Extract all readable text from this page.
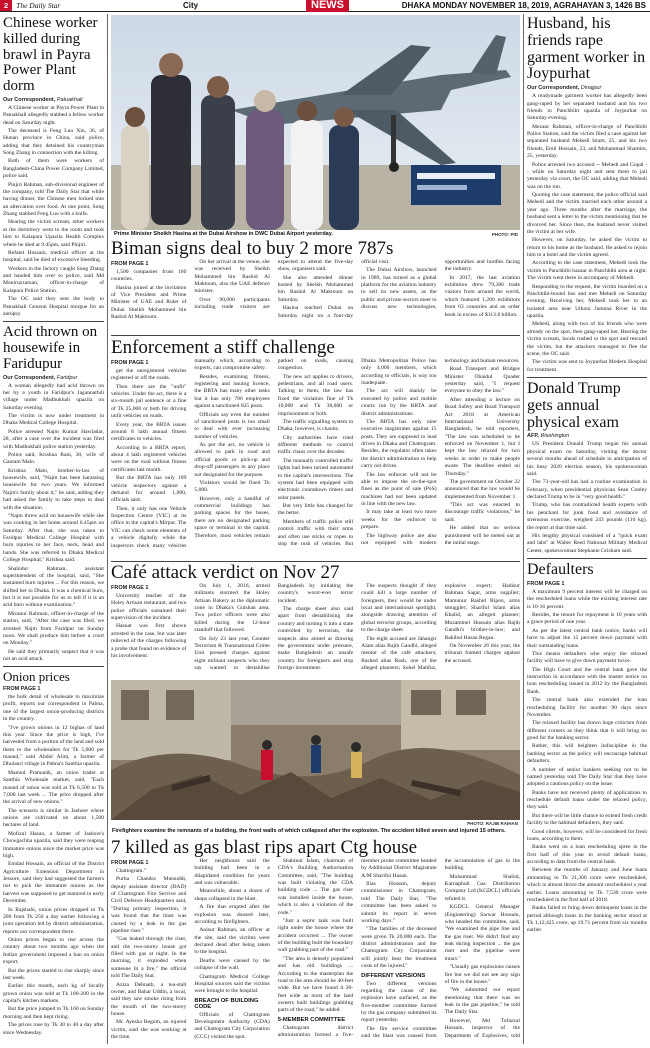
2	The Daily Star	City	NEWS	DHAKA MONDAY NOVEMBER 18, 2019, AGRAHAYAN 3, 1426 BS
Chinese worker killed during brawl in Payra Power Plant dorm
Our Correspondent, Patuakhali

A Chinese worker at Payra Power Plant in Patuakhali allegedly stabbed a fellow worker dead on Saturday night.

The deceased is Feng Luo Xin, 36, of Hunan province in China, said police, adding that they detained his countryman Song Zhang in connection with the killing.

Both of them were workers of Bangladesh-China Power Company Limited, police said.

Pinjiri Rahman, sub-divisional engineer of the company, told The Daily Star that while having dinner, the Chinese men locked into an altercation over food. At one point, Song Zhang stabbed Feng Luo with a knife.

Hearing the victim scream, other workers at the dormitory went to the room and took him to Kalapara Upazila Health Complex where he died at 9.45pm, said Pinjiri.

Refaiet Hossain, medical officer at the hospital, said he died of excessive bleeding.

Workers in the factory caught Song Zhang and handed him over to police, said Md Moniruzzaman, officer-in-charge of Kalapara Police Station.

The OC said they sent the body to Patuakhali General Hospital morgue for an autopsy.

Acid thrown on housewife in Faridupur
Our Correspondent, Faridpur

A woman allegedly had acid thrown on her by a youth in Faridpur's Jagannathdi village under Madhukhali upazila on Saturday evening.

The victim is now under treatment in Dhaka Medical College Hospital.

Police arrested Najm Kumar Hawladar, 28, after a case over the incident was filed with Madhukhali police station yesterday.

Police said, Krishna Rani, 30, wife of Gautam Malo.

Krishna Malo, brother-in-law of housewife, said, "Najm has been harassing housewife for two years. We informed Najm's family about it," he said, adding they had asked the family to take steps to deal with the situation.

"Najm threw acid on housewife while she was cooking in her home around 6.45pm on Saturday. After that, she was taken to Faridpur Medical College Hospital with burn injuries to her face, neck, head and hands. She was referred to Dhaka Medical College Hospital," Krishna said.

Shahidur Rahman, assistant superintendent of the hospital, said, "She sustained burn injuries ... For this reason, we shifted her to Dhaka. It was a chemical burn, but it is not possible for us to tell if it is an acid burn without examination."

Mizanur Rahman, officer-in-charge of the station, said, "After the case was filed, we arrested Najm from Faridpur on Sunday noon. We shall produce him before a court on Monday."

He said they primarily suspect that it was not an acid attack.

Onion prices
FROM PAGE 1

the bulk detail of wholesale to maximize profit, reports our correspondent in Pabna, one of the largest onion-producing districts in the country.

"I've grown onions in 12 bighas of land this year. Since the price is high, I've harvested from a portion of the land and sold them to the wholesalers for Tk 5,000 per maund," said Abdul Alim, a farmer of Dhulauri village in Pabna's Santhia upazila.

Mamud Pramanik, an onion trader at Santhia Wholesale market, said, "Each maund of onion was sold at Tk 6,500 to Tk 7,000 last week ... The price dropped after the arrival of new onions."

The scenario is similar in Jashore where onions are cultivated on about 1,500 hectares of land.

Mofizul Hasan, a farmer of Jashore's Chowgachha upazila, said they were reaping immature onions since the market price was high.

Emdad Hossain, an official of the District Agriculture Extension Department in Jessore, said they had suggested the farmers not to pick the immature onions as the harvest was supposed to get matured in early December.

In Rajshahi, onion prices dropped to Tk 200 from Tk 250 a day earlier following a joint operation led by district administration, reports our correspondent there.

Onion prices began to rise across the country about two months ago when the Indian government imposed a ban on onion export.

But the prices started to rise sharply since last week.

Earlier this month, each kg of locally grown onion was sold at Tk 180-200 in the capital's kitchen markets.

But the price jumped to Tk 160 on Sunday morning and then kept rising.

The prices rose by Tk 30 to 40 a day after since Wednesday.

Prime Minister Sheikh Hasina at the Dubai Airshow in DWC Dubai Airport yesterday.	PHOTO: PID
Biman signs deal to buy 2 more 787s
FROM PAGE 1

1,500 companies from 160 countries.

Hasina joined at the invitation of Vice President and Prime Minister of UAE and Ruler of Dubai Sheikh Mohammed bin Rashid Al Maktoum.

On her arrival at the venue, she was received by Sheikh Mohammed bin Rashid Al Maktoum, also the UAE defence minister.

Over 90,000 participants including trade visitors are expected to attend the five-day show, organisers said.

She also attended dinner hosted by Sheikh Mohammed bin Rashid Al Maktoum on Saturday.

Hasina reached Dubai on Saturday night on a four-day official visit.

The Dubai Airshow, launched in 1989, has turned as a global platform for the aviation industry to sell its new assets, as the public and private sectors meet to discuss new technologies, opportunities and hurdles facing the industry.

In 2017, the last aviation exhibition drew 79,380 trade visitors from around the world, which featured 1,200 exhibitors from 63 countries and an order book in excess of $113.8 billion.

Enforcement a stiff challenge
FROM PAGE 1

get the unregistered vehicles registered or off the roads.

Then there are the "unfit" vehicles. Under the act, there is a six-month jail sentence or a fine of Tk 25,000 or both for driving unfit vehicles on roads.

Every year, the BRTA issues around 8 lakh annual fitness certificates to vehicles.

According to a BRTA report, about 4 lakh registered vehicles were on the road without fitness certificates last month.

But the BRTA has only 109 vehicle inspectors against a demand for around 1,000, officials said.

Then, it only has one Vehicle Inspection Centre (VIC) at its office in the capital's Mirpur. The VIC can check some elements of a vehicle digitally while the inspectors check many vehicles manually which, according to experts, can compromise safety.

Besides, examining fitness, registering and issuing licence, the BRTA has many other tasks but it has only 706 employees against a sanctioned 825 posts.

Officials say even the number of sanctioned posts is too small to deal with ever increasing number of vehicles.

As per the act, no vehicle is allowed to park in road and official goods or pick-up and drop-off passengers in any place not designated for the purpose.

Violators would be fined Tk 5,000.

However, only a handful of commercial buildings has parking spaces for the buses, there are no designated parking space or terminal in the capital. Therefore, most vehicles remain parked on roads, causing congestion.

The new act applies to drivers, pedestrians, and all road users. Talking to them, the law has fixed the violation fine of Tk 10,000 and Tk 30,000 or imprisonment or both.

The traffic signalling system in Dhaka, however, is chaotic.

City authorities have tried different methods to control traffic chaos over the decades.

The manually controlled traffic lights had been turned automated to the capital's intersections. The system had been equipped with electronic countdown timers and solar panels.

But very little has changed for the better.

Members of traffic police still control traffic with their arms and often use sticks or ropes to stop the rush of vehicles. But Dhaka Metropolitan Police has only 4,000 members, which according to officials, is way too inadequate.

The act will mainly be executed by police and mobile courts run by the BRTA and district administrations.

The BRTA has only nine executive magistrates against 15 posts. They are supposed to lead drives in Dhaka and Chattogram. Besides, the regulator often takes the district administration to help carry out drives.

The law enforcer will not be able to impose the on-the-spot fines as the point of sale (PoS) machines had not been updated in line with the new law.

It may take at least two more weeks for the enforcer to prepare.

The highway police are also not equipped with modern technology and human resources.

Road Transport and Bridges Minister Obaidul Quader yesterday said, "I request everyone to obey the law."

After attending a lecture on Road Safety and Road Transport Act 2018 at American International University Bangladesh, he told reporters, "The law was scheduled to be enforced on November 1, but I kept the law relaxed for two weeks in order to make people aware. The deadline ended on Thursday."

The government on October 22 announced that the law would be implemented from November 1.

"This act was enacted to discourage traffic violations," he said.

He added that no serious punishment will be meted out at the initial stage.

Café attack verdict on Nov 27
FROM PAGE 1

University teacher of the Holey Artisan restaurant, and two police officials sustained their supervision of the incident.

Hasnat was first shown arrested in the case, but was later relieved of the charges following a probe that found no evidence of his involvement.

On July 1, 2016, armed militants stormed the Holey Artisan Bakery at the diplomatic zone in Dhaka's Gulshan area. Two police officers were also killed during the 12-hour standoff that followed.

On July 23 last year, Counter Terrorism & Transnational Crime Unit pressed charges against eight militant suspects who they say wanted to destabilise Bangladesh by initiating the country's worst-ever terror incident.

The charge sheet also said apart from destabilising the country and turning it into a state controlled by terrorists, the suspects also aimed at drawing the government under pressure, make Bangladesh an unsafe country for foreigners and stop foreign investment.

The suspects thought if they could kill a large number of foreigners, they would be under local and international spotlight, alongside drawing attention of global terrorist groups, according to the charge sheet.

The eight accused are Jahangir Alam alias Rajib Gandhi, alleged mentor of the café attackers; Rashed alias Rash, one of the alleged planners; Sohel Mahfuz, explosive expert; Hadisur Rahman Sagar, arms supplier; Mamunur Rashid Ripon, arms smuggler; Shariful Islam alias Khalid, an alleged planner; Mozammel Hossain alias Rajib Gandhi's brother-in-law; and Rakibul Hasan Regan.

On November 26 this year, the tribunal framed charges against the accused.

PHOTO: RAJIB RAIHAN
Firefighters examine the remnants of a building, the front walls of which collapsed after the explosion. The accident killed seven and injured 15 others.
7 killed as gas blast rips apart Ctg house
FROM PAGE 1

Chattogram."

Purba Chandra Mutsuddi, deputy assistant director (DAD) of Chattogram Fire Service and Civil Defence Headquarters said, "During primary inspection, it was found that the blast was caused by a leak in the gas pipeline riser."

"Gas leaked through the riser, and the two-storey house got filled with gas at night. In the morning, it exploded when someone lit a fire," the official told The Daily Star.

Aziza Debnath, a tea-stall owner, and Bahar Uddin, a local, said they saw smoke rising from the mouth of the two-storey house.

Mr. Ayesha Begum, an injured victim, said she was working at the time.

Her neighbours said the building had been in a dilapidated condition for years and was vulnerable.

Meanwhile, about a dozen of shops collapsed in the blast.

A fire that erupted after the explosion was doused later, according to firefighters.

Anisur Rahman, an officer at the site, said the victims were declared dead after being taken to the hospital.

Deaths were caused by the collapse of the wall.

Chattogram Medical College Hospital sources said the victims were brought to the hospital.

BREACH OF BUILDING CODE

Officials of Chattogram Development Authority (CDA) and Chattogram City Corporation (CCC) visited the spot.

Shahinul Islam, chairman of CDA's Building Authorisation Committee, said, "The building was built violating the CDA building code ... The gas riser was installed inside the house, which is also a violation of the code."

"Just a septic tank was built right under the house where the accident occurred ... The owner of the building built the boundary wall grabbing part of the road."

"The area is densely populated and has old buildings ... According to the masterplan the road to the area should be 40-feet wide. But we have found it 20-feet wide as most of the land owners built buildings grabbing parts of the road," he added.

5-MEMBER COMMITTEE

Chattogram district administration formed a five-member probe committee headed by Additional District Magistrate A/M Shariful Hasan.

Ilias Hossain, deputy commissioner in Chattogram, told The Daily Star, "The committee has been asked to submit its report in seven working days."

"The families of the deceased were given Tk 20,000 each. The district administration and the Chattogram City Corporation will jointly bear the treatment costs of the injured."

DIFFERENT VERSIONS

Two different versions regarding the cause of the explosion have surfaced, as the five-member committee formed by the gas company submitted its report yesterday.

The fire service committee said the blast was caused from the accumulation of gas in the building.

Mohammad Shahid, Karnaphuli Gas Distribution Company Ltd (KGDCL) officials refuted it.

KGDCL General Manager (Engineering) Sarwar Hossain, who headed the committee, said, "We examined the pipe line and the gas riser. We didn't find any leak during inspection ... the gas riser and the pipeline were intact."

"Usually gas explosions causes fire but we did not see any sign of fire in the house."

"We submitted our report mentioning that there was no leak in the gas pipeline," he told The Daily Star.

However, Md Tofazzal Hossain, inspector of the Department of Explosives, told

Husband, his friends rape garment worker in Joypurhat
Our Correspondent, Dinajpur

A readymade garment worker has allegedly been gang-raped by her separated husband and his two friends in Panchbibi upazila of Joypurhat on Saturday evening.

Mezaur Rahman, officer-in-charge of Panchbibi Police Station, said the victim filed a case against her separated husband Mehedi Islam, 25, and his two friends, Emil Hossain, 23, and Mohammad Shamim, 25, yesterday.

Police arrested two accused -- Mehedi and Gopal -- while on Saturday night and sent them to jail yesterday via court, the OC said, adding that Mehedi was on the run.

Quoting the case statement, the police official said Mehedi and the victim married each other around a year ago. Three months after the marriage, the husband sent a letter to the victim mentioning that he divorced her. Since then, the husband never visited the victim at her wife.

However, on Saturday, he asked the victim to return to his home as the husband. He asked to rejoin him to a hotel and the victim agreed.

According to the case statement, Mehedi took the victim to Panchbibi bazaar in Panchbibi area at night. The victim went there in accompany of Mehedi.

Responding to the request, the victim boarded on a Panchbibi-bound bus and met Mehedi on Saturday evening. Receiving her, Mehedi took her to an isolated area near Uthoni Jamuna River in the upazila.

Mehedi, along with two of his friends who were already on the spot, then gang-raped her. Hearing the victim scream, locals rushed to the spot and rescued the victim, but the attackers managed to flee the scene, the OC said.

The victim was sent to Joypurhat Modern Hospital for treatment.

Donald Trump gets annual physical exam
AFP, Washington

US President Donald Trump began his annual physical exam on Saturday, visiting the doctor several months ahead of schedule in anticipation of his busy 2020 election season, his spokeswoman said.

The 73-year-old has had a routine examination in February, when presidential physician Sean Conley declared Trump to be in "very good health."

Trump, who has contradicted health experts with his penchant for junk food and avoidance of strenuous exercise, weighed 243 pounds (110 kg), the report at that time said.

His lengthy physical consisted of a "quick exam and labs" at Walter Reed National Military Medical Center, spokeswoman Stephanie Grisham said.

Defaulters
FROM PAGE 1

A maximum 9 percent interest will be charged on the rescheduled loans while the existing interest rate is 10-16 percent.

Besides, the tenure for repayment is 10 years with a grace period of one year.

As per the latest central bank notice, banks will have to adjust the 15 percent down payment with their outstanding loans.

This means defaulters who enjoy the relaxed facility will have to give down payment twice.

The High Court and the central bank gave the instruction in accordance with the master notice on loan rescheduling issued in 2012 by the Bangladesh Bank.

The central bank also extended the loan rescheduling facility for another 90 days since November.

The relaxed facility has drawn huge criticism from different corners as they think that it will bring no good for the banking sector.

Rather, this will heighten indiscipline in the banking sector as the policy will encourage habitual defaulters.

A number of senior bankers seeking not to be named yesterday told The Daily Star that they have adopted a cautious policy on the issue.

Banks have not received plenty of applications to reschedule default loans under the relaxed policy, they said.

But there will be little chance to extend fresh credit facility to the habitual defaulters, they said.

Good clients, however, will be considered for fresh loans, according to them.

Banks went on a loan rescheduling spree in the first half of this year to avoid default loans, according to data from the central bank.

Between the months of January and June loans amounting to Tk 21,300 crore were rescheduled, which is almost thrice the amount rescheduled a year earlier. Loans amounting to Tk 7,530 crore were rescheduled in the first half of 2018.

Banks failed to bring down delinquent loans in the period although loans in the banking sector stood at Tk 1,12,425 crore, up 19.71 percent from six months earlier.
